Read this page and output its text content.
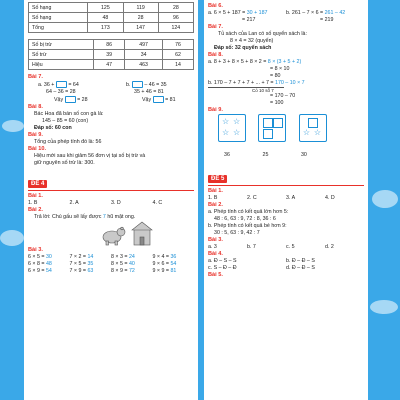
Số hạng	125	119	28
Số hạng	48	28	96
Tổng	173	147	124
Số bị trừ	86	497	76
Số trừ	39	34	62
Hiệu	47	463	14

Bài 7.

a. 36 +  = 64

64 – 36 = 28

Vậy  = 28

b.  – 46 = 35

35 + 46 = 81

Vậy  = 81

Bài 8.

Bác Hoa đã bán số con gà là:

145 – 85 = 60 (con)

Đáp số: 60 con

Bài 9.

Tổng của phép tính đó là: 56

Bài 10.

Hiệu mới sau khi giảm 56 đơn vị tại số bị trừ và

giữ nguyên số trừ là: 300.

ĐỀ 4

Bài 1.

1. B	2. A	3. D	4. C

Bài 2.

Trả lời: Chú gấu sẽ lấy được 7 hũ mật ong.

Bài 3.

6 × 5 = 30	7 × 2 = 14	8 × 3 = 24	9 × 4 = 36
6 × 8 = 48	7 × 5 = 35	8 × 5 = 40	9 × 6 = 54
6 × 9 = 54	7 × 9 = 63	8 × 9 = 72	9 × 9 = 81

Bài 6.

a. 6 × 5 + 187 = 30 + 187

= 217

b. 261 – 7 × 6 = 261 – 42

= 219

Bài 7.

Tủ sách của Lan có số quyển sách là:

8 × 4 = 32 (quyển)

Đáp số: 32 quyển sách

Bài 8.

a. 8 + 3 + 8 × 5 + 8 × 2 = 8 × (3 + 5 + 2)

= 8 × 10

= 80

b. 170 – 7 + 7 + 7 + ... + 7 = 170 – 10 × 7

Có 10 số 7

= 170 – 70

= 100

Bài 9.

☆ ☆
☆ ☆

	☆ ☆
36	25	30
ĐỀ 5

Bài 1.

1. B	2. C	3. A	4. D

Bài 2.

a. Phép tính có kết quả lớn hơn 5:

48 : 6, 63 : 9, 72 : 8, 36 : 6

b. Phép tính có kết quả bé hơn 9:

30 : 5, 63 : 9, 42 : 7

Bài 3.

a. 3	b. 7	c. 5	d. 2

Bài 4.

a. Đ – S – S	b. Đ – Đ – S
c. S – Đ – Đ	d. Đ – Đ – S

Bài 5.
